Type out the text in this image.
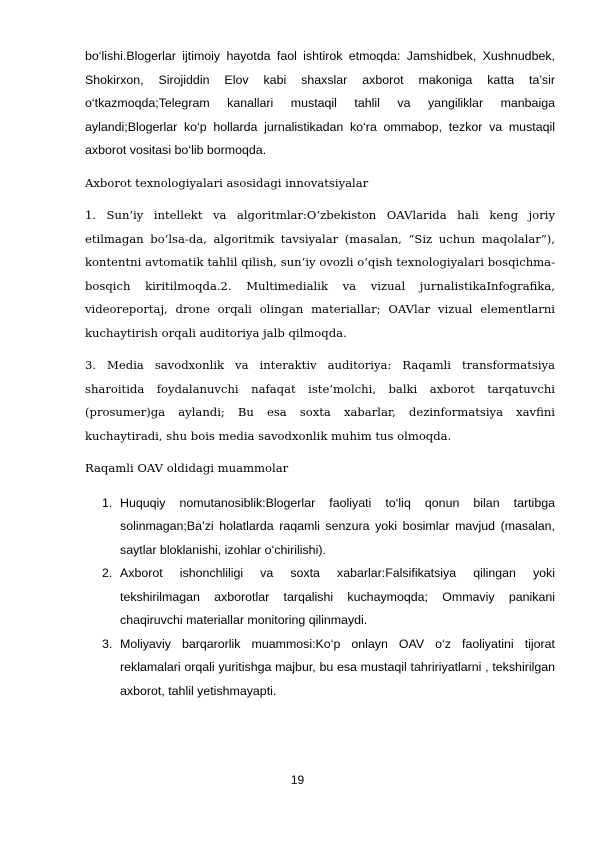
bo‘lishi.Blogerlar ijtimoiy hayotda faol ishtirok etmoqda: Jamshidbek, Xushnudbek, Shokirxon, Sirojiddin Elov kabi shaxslar axborot makoniga katta ta’sir o‘tkazmoqda;Telegram kanallari mustaqil tahlil va yangiliklar manbaiga aylandi;Blogerlar ko‘p hollarda jurnalistikadan ko‘ra ommabop, tezkor va mustaqil axborot vositasi bo‘lib bormoqda.

Axborot texnologiyalari asosidagi innovatsiyalar

1. Sun’iy intellekt va algoritmlar:O‘zbekiston OAVlarida hali keng joriy etilmagan bo‘lsa-da, algoritmik tavsiyalar (masalan, “Siz uchun maqolalar”), kontentni avtomatik tahlil qilish, sun’iy ovozli o‘qish texnologiyalari bosqichma-bosqich kiritilmoqda.2. Multimedialik va vizual jurnalistikaInfografika, videoreportaj, drone orqali olingan materiallar; OAVlar vizual elementlarni kuchaytirish orqali auditoriya jalb qilmoqda.

3. Media savodxonlik va interaktiv auditoriya: Raqamli transformatsiya sharoitida foydalanuvchi nafaqat iste’molchi, balki axborot tarqatuvchi (prosumer)ga aylandi; Bu esa soxta xabarlar, dezinformatsiya xavfini kuchaytiradi, shu bois media savodxonlik muhim tus olmoqda.

Raqamli OAV oldidagi muammolar

1. Huquqiy nomutanosiblik:Blogerlar faoliyati to‘liq qonun bilan tartibga solinmagan;Ba’zi holatlarda raqamli senzura yoki bosimlar mavjud (masalan, saytlar bloklanishi, izohlar o‘chirilishi).
2. Axborot ishonchliligi va soxta xabarlar:Falsifikatsiya qilingan yoki tekshirilmagan axborotlar tarqalishi kuchaymoqda; Ommaviy panikani chaqiruvchi materiallar monitoring qilinmaydi.
3. Moliyaviy barqarorlik muammosi:Ko‘p onlayn OAV o‘z faoliyatini tijorat reklamalari orqali yuritishga majbur, bu esa mustaqil tahririyatlarni , tekshirilgan axborot, tahlil yetishmayapti.
19
